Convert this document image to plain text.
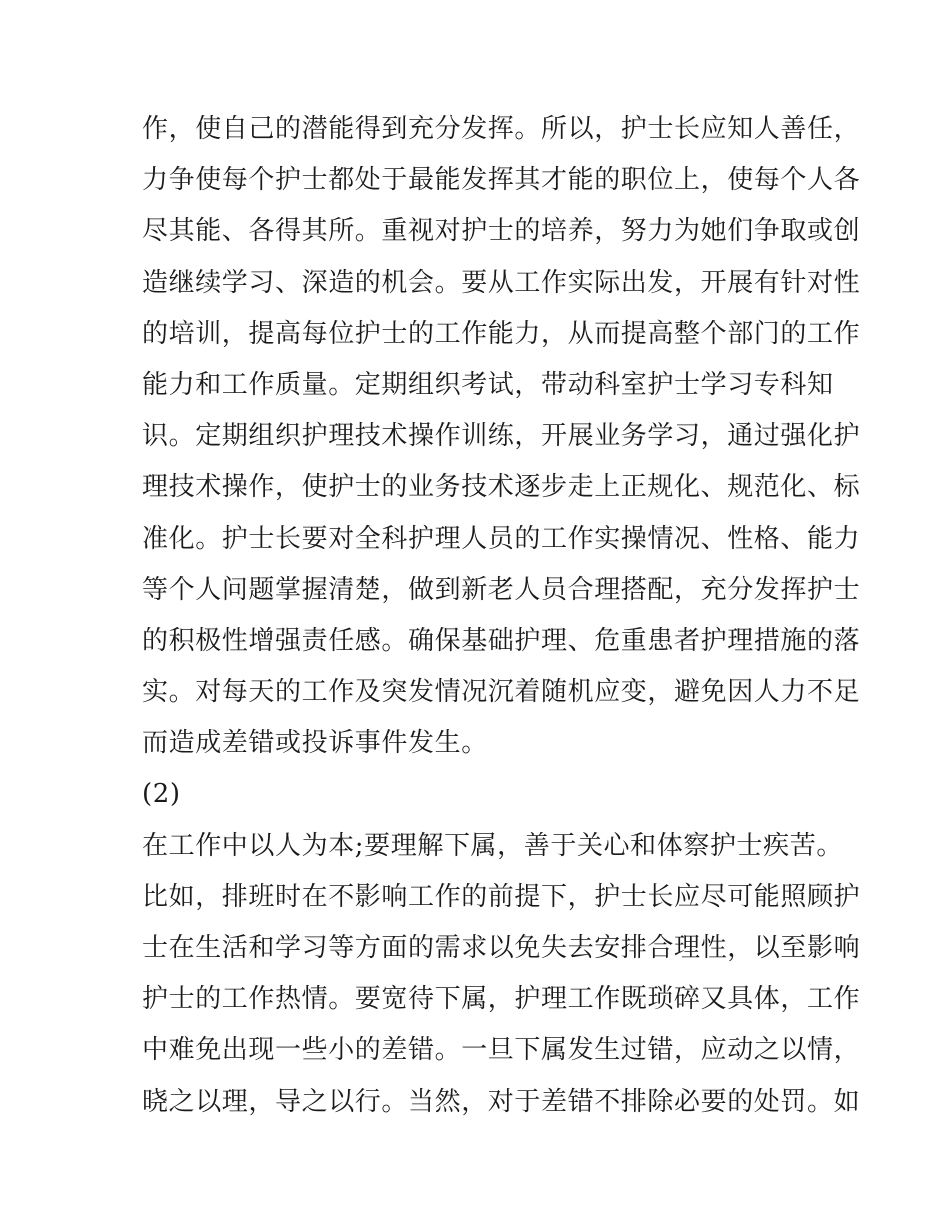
作，使自己的潜能得到充分发挥。所以，护士长应知人善任，
力争使每个护士都处于最能发挥其才能的职位上，使每个人各
尽其能、各得其所。重视对护士的培养，努力为她们争取或创
造继续学习、深造的机会。要从工作实际出发，开展有针对性
的培训，提高每位护士的工作能力，从而提高整个部门的工作
能力和工作质量。定期组织考试，带动科室护士学习专科知
识。定期组织护理技术操作训练，开展业务学习，通过强化护
理技术操作，使护士的业务技术逐步走上正规化、规范化、标
准化。护士长要对全科护理人员的工作实操情况、性格、能力
等个人问题掌握清楚，做到新老人员合理搭配，充分发挥护士
的积极性增强责任感。确保基础护理、危重患者护理措施的落
实。对每天的工作及突发情况沉着随机应变，避免因人力不足
而造成差错或投诉事件发生。
(2)
在工作中以人为本;要理解下属，善于关心和体察护士疾苦。
比如，排班时在不影响工作的前提下，护士长应尽可能照顾护
士在生活和学习等方面的需求以免失去安排合理性，以至影响
护士的工作热情。要宽待下属，护理工作既琐碎又具体，工作
中难免出现一些小的差错。一旦下属发生过错，应动之以情，
晓之以理，导之以行。当然，对于差错不排除必要的处罚。如
